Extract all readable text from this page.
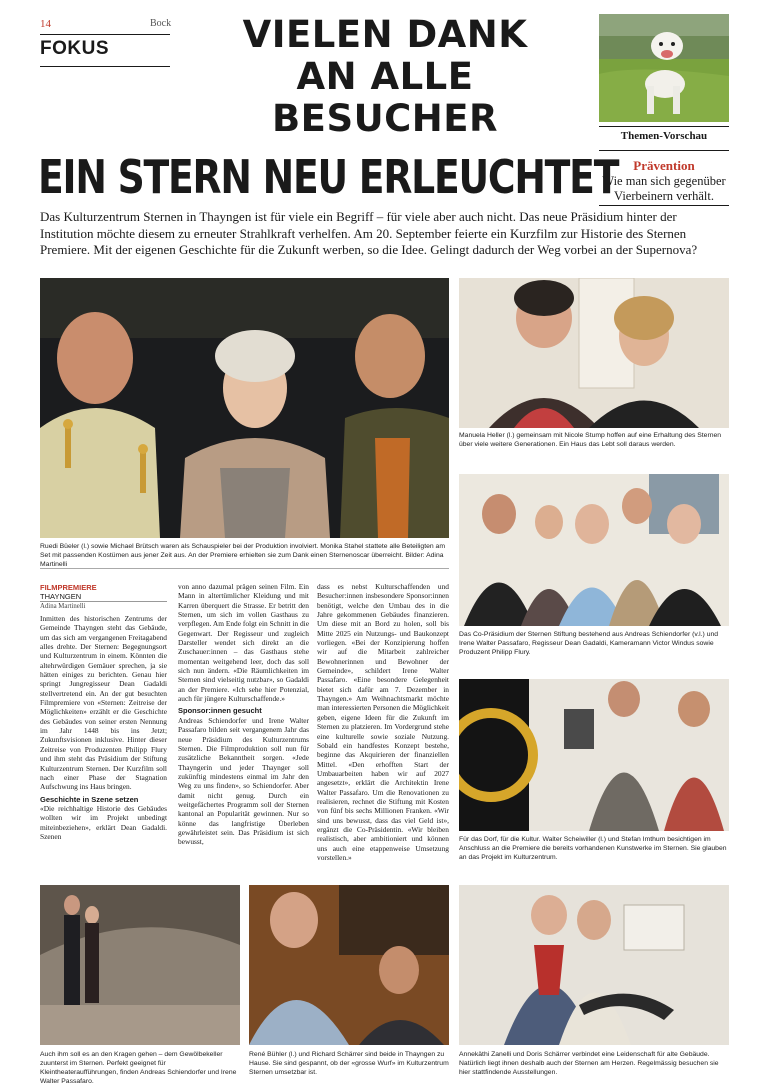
14	Bock
FOKUS	VIELEN DANK
AN ALLE BESUCHER	Themen-Vorschau
Prävention
Wie man sich gegenüber Vierbeinern verhält.
EIN STERN NEU ERLEUCHTET
Das Kulturzentrum Sternen in Thayngen ist für viele ein Begriff – für viele aber auch nicht. Das neue Präsidium hinter der Institution möchte diesem zu erneuter Strahlkraft verhelfen. Am 20. September feierte ein Kurzfilm zur Historie des Sternen Premiere. Mit der eigenen Geschichte für die Zukunft werben, so die Idee. Gelingt dadurch der Weg vorbei an der Supernova?
Ruedi Büeler (l.) sowie Michael Brütsch waren als Schauspieler bei der Produktion involviert. Monika Stahel stattete alle Beteiligten am Set mit passenden Kostümen aus jener Zeit aus. An der Premiere erhielten sie zum Dank einen Sternenoscar überreicht. Bilder: Adina Martinelli
FILMPREMIERE
THAYNGEN
Adina Martinelli

Inmitten des historischen Zentrums der Gemeinde Thayngen steht das Gebäude, um das sich am vergangenen Freitagabend alles drehte. Der Sternen: Begegnungsort und Kulturzentrum in einem. Könnten die altehrwürdigen Gemäuer sprechen, ja sie hätten einiges zu berichten. Genau hier springt Jungregisseur Dean Gadaldi stellvertretend ein. An der gut besuchten Filmpremiere von «Sternen: Zeitreise der Möglichkeiten» erzählt er die Geschichte des Gebäudes von seiner ersten Nennung im Jahr 1448 bis ins Jetzt; Zukunftsvisionen inklusive. Hinter dieser Zeitreise von Produzenten Philipp Flury und ihm steht das Präsidium der Stiftung Kulturzentrum Sternen. Der Kurzfilm soll nach einer Phase der Stagnation Aufschwung ins Haus bringen.

Geschichte in Szene setzen

«Die reichhaltige Historie des Gebäudes wollten wir im Projekt unbedingt miteinbeziehen», erklärt Dean Gadaldi. Szenen

von anno dazumal prägen seinen Film. Ein Mann in altertümlicher Kleidung und mit Karren überquert die Strasse. Er betritt den Sternen, um sich im vollen Gasthaus zu verpflegen. Am Ende folgt ein Schnitt in die Gegenwart. Der Regisseur und zugleich Darsteller wendet sich direkt an die Zuschauer:innen – das Gasthaus stehe momentan weitgehend leer, doch das soll sich nun ändern. «Die Räumlichkeiten im Sternen sind vielseitig nutzbar», so Gadaldi an der Premiere. «Ich sehe hier Potenzial, auch für jüngere Kulturschaffende.»

Sponsor:innen gesucht

Andreas Schiendorfer und Irene Walter Passafaro bilden seit vergangenem Jahr das neue Präsidium des Kulturzentrums Sternen. Die Filmproduktion soll nun für zusätzliche Bekanntheit sorgen. «Jede Thayngerin und jeder Thaynger soll zukünftig mindestens einmal im Jahr den Weg zu uns finden», so Schiendorfer. Aber damit nicht genug. Durch ein weitgefächertes Programm soll der Sternen kantonal an Popularität gewinnen. Nur so könne das langfristige Überleben gewährleistet sein. Das Präsidium ist sich bewusst,

dass es nebst Kulturschaffenden und Besucher:innen insbesondere Sponsor:innen benötigt, welche den Umbau des in die Jahre gekommenen Gebäudes finanzieren. Um diese mit an Bord zu holen, soll bis Mitte 2025 ein Nutzungs- und Baukonzept vorliegen. «Bei der Konzipierung hoffen wir auf die Mitarbeit zahlreicher Bewohnerinnen und Bewohner der Gemeinde», schildert Irene Walter Passafaro. «Eine besondere Gelegenheit bietet sich dafür am 7. Dezember in Thayngen.» Am Weihnachtsmarkt möchte man interessierten Personen die Möglichkeit geben, eigene Ideen für die Zukunft im Sternen zu platzieren. Im Vordergrund stehe eine kulturelle sowie soziale Nutzung. Sobald ein handfestes Konzept bestehe, beginne das Akquirieren der finanziellen Mittel. «Den erhofften Start der Umbauarbeiten haben wir auf 2027 angesetzt», erklärt die Architektin Irene Walter Passafaro. Um die Renovationen zu realisieren, rechnet die Stiftung mit Kosten von fünf bis sechs Millionen Franken. «Wir sind uns bewusst, dass das viel Geld ist», ergänzt die Co-Präsidentin. «Wir bleiben realistisch, aber ambitioniert und können uns auch eine etappenweise Umsetzung vorstellen.»

Manuela Heller (l.) gemeinsam mit Nicole Stump hoffen auf eine Erhaltung des Sternen über viele weitere Generationen. Ein Haus das Lebt soll daraus werden.
Das Co-Präsidium der Sternen Stiftung bestehend aus Andreas Schiendorfer (v.l.) und Irene Walter Passafaro, Regisseur Dean Gadaldi, Kameramann Victor Windus sowie Produzent Philipp Flury.
Für das Dorf, für die Kultur. Walter Scheiwiller (l.) und Stefan Imthum besichtigen im Anschluss an die Premiere die bereits vorhandenen Kunstwerke im Sternen. Sie glauben an das Projekt im Kulturzentrum.
Auch ihm soll es an den Kragen gehen – dem Gewölbekeller zuunterst im Sternen. Perfekt geeignet für Kleintheateraufführungen, finden Andreas Schiendorfer und Irene Walter Passafaro.
René Bühler (l.) und Richard Schärrer sind beide in Thayngen zu Hause. Sie sind gespannt, ob der «grosse Wurf» im Kulturzentrum Sternen umsetzbar ist.
Annekäthi Zanelli und Doris Schärrer verbindet eine Leidenschaft für alte Gebäude. Natürlich liegt ihnen deshalb auch der Sternen am Herzen. Regelmässig besuchen sie hier stattfindende Ausstellungen.
